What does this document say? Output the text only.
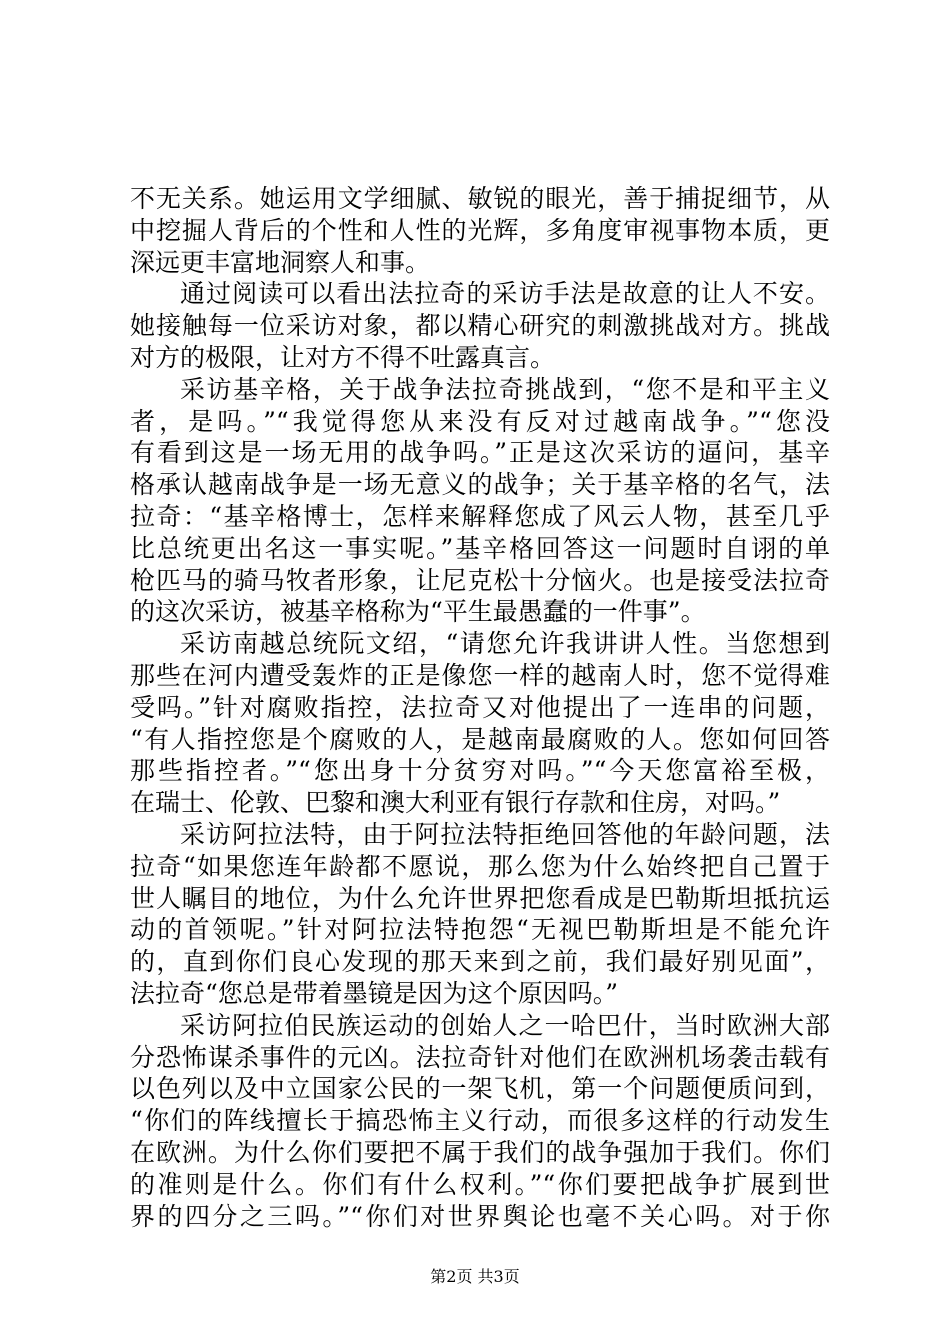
不无关系。她运用文学细腻、敏锐的眼光，善于捕捉细节，从
中挖掘人背后的个性和人性的光辉，多角度审视事物本质，更
深远更丰富地洞察人和事。
通过阅读可以看出法拉奇的采访手法是故意的让人不安。
她接触每一位采访对象，都以精心研究的刺激挑战对方。挑战
对方的极限，让对方不得不吐露真言。
采访基辛格，关于战争法拉奇挑战到，“您不是和平主义
者，是吗。”“我觉得您从来没有反对过越南战争。”“您没
有看到这是一场无用的战争吗。”正是这次采访的逼问，基辛
格承认越南战争是一场无意义的战争；关于基辛格的名气，法
拉奇：“基辛格博士，怎样来解释您成了风云人物，甚至几乎
比总统更出名这一事实呢。”基辛格回答这一问题时自诩的单
枪匹马的骑马牧者形象，让尼克松十分恼火。也是接受法拉奇
的这次采访，被基辛格称为“平生最愚蠢的一件事”。
采访南越总统阮文绍，“请您允许我讲讲人性。当您想到
那些在河内遭受轰炸的正是像您一样的越南人时，您不觉得难
受吗。”针对腐败指控，法拉奇又对他提出了一连串的问题，
“有人指控您是个腐败的人，是越南最腐败的人。您如何回答
那些指控者。”“您出身十分贫穷对吗。”“今天您富裕至极，
在瑞士、伦敦、巴黎和澳大利亚有银行存款和住房，对吗。”
采访阿拉法特，由于阿拉法特拒绝回答他的年龄问题，法
拉奇“如果您连年龄都不愿说，那么您为什么始终把自己置于
世人瞩目的地位，为什么允许世界把您看成是巴勒斯坦抵抗运
动的首领呢。”针对阿拉法特抱怨“无视巴勒斯坦是不能允许
的，直到你们良心发现的那天来到之前，我们最好别见面”，
法拉奇“您总是带着墨镜是因为这个原因吗。”
采访阿拉伯民族运动的创始人之一哈巴什，当时欧洲大部
分恐怖谋杀事件的元凶。法拉奇针对他们在欧洲机场袭击载有
以色列以及中立国家公民的一架飞机，第一个问题便质问到，
“你们的阵线擅长于搞恐怖主义行动，而很多这样的行动发生
在欧洲。为什么你们要把不属于我们的战争强加于我们。你们
的准则是什么。你们有什么权利。”“你们要把战争扩展到世
界的四分之三吗。”“你们对世界舆论也毫不关心吗。对于你
第2页 共3页
